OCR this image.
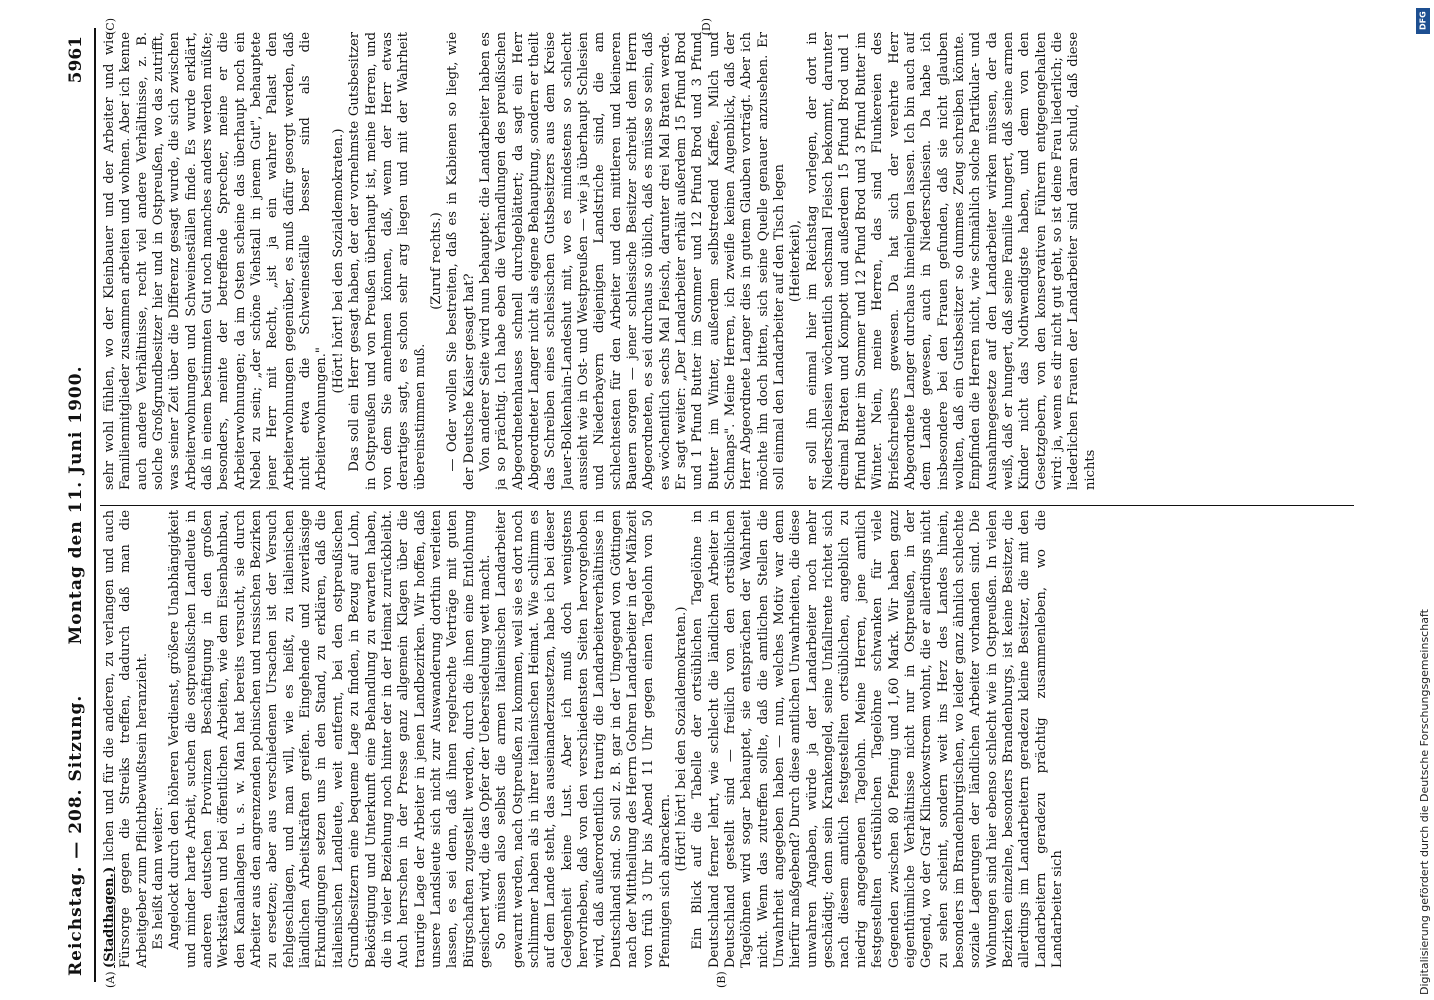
Reichstag. — 208. Sitzung.
Montag den 11. Juni 1900.
5961
(A)	(B)
(C)	(D)

(Stadthagen.) lichen und für die anderen, zu verlangen und auch Fürsorge gegen die Streiks treffen, dadurch daß man die Arbeitgeber zum Pflichtbewußtsein heranzieht. Es heißt dann weiter: Angelockt durch den höheren Verdienst, größere Unabhängigkeit und minder harte Arbeit, suchen die ostpreußischen Landleute in anderen deutschen Provinzen Beschäftigung in den großen Werkstätten und bei öffentlichen Arbeiten, wie dem Eisenbahnbau, den Kanalanlagen u. s. w. Man hat bereits versucht, sie durch Arbeiter aus den angrenzenden polnischen und russischen Bezirken zu ersetzen; aber aus verschiedenen Ursachen ist der Versuch fehlgeschlagen, und man will, wie es heißt, zu italienischen ländlichen Arbeitskräften greifen. Eingehende und zuverlässige Erkundigungen setzen uns in den Stand, zu erklären, daß die italienischen Landleute, weit entfernt, bei den ostpreußischen Grundbesitzern eine bequeme Lage zu finden, in Bezug auf Lohn, Beköstigung und Unterkunft eine Behandlung zu erwarten haben, die in vieler Beziehung noch hinter der in der Heimat zurückbleibt. Auch herrschen in der Presse ganz allgemein Klagen über die traurige Lage der Arbeiter in jenen Landbezirken. Wir hoffen, daß unsere Landsleute sich nicht zur Auswanderung dorthin verleiten lassen, es sei denn, daß ihnen regelrechte Verträge mit guten Bürgschaften zugestellt werden, durch die ihnen eine Entlohnung gesichert wird, die das Opfer der Uebersiedelung wett macht. So müssen also selbst die armen italienischen Landarbeiter gewarnt werden, nach Ostpreußen zu kommen, weil sie es dort noch schlimmer haben als in ihrer italienischen Heimat. Wie schlimm es auf dem Lande steht, das auseinanderzusetzen, habe ich bei dieser Gelegenheit keine Lust. Aber ich muß doch wenigstens hervorheben, daß von den verschiedensten Seiten hervorgehoben wird, daß außerordentlich traurig die Landarbeiterverhältnisse in Deutschland sind. So soll z. B. gar in der Umgegend von Göttingen nach der Mittheilung des Herrn Gohren Landarbeiter in der Mähzeit von früh 3 Uhr bis Abend 11 Uhr gegen einen Tagelohn von 50 Pfennigen sich abrackern.

(Hört! hört! bei den Sozialdemokraten.) Ein Blick auf die Tabelle der ortsüblichen Tagelöhne in Deutschland ferner lehrt, wie schlecht die ländlichen Arbeiter in Deutschland gestellt sind — freilich von den ortsüblichen Tagelöhnen wird sogar behauptet, sie entsprächen der Wahrheit nicht. Wenn das zutreffen sollte, daß die amtlichen Stellen die Unwahrheit angegeben haben — nun, welches Motiv war denn hierfür maßgebend? Durch diese amtlichen Unwahrheiten, die diese unwahren Angaben, würde ja der Landarbeiter noch mehr geschädigt; denn sein Krankengeld, seine Unfallrente richtet sich nach diesem amtlich festgestellten ortsüblichen, angeblich zu niedrig angegebenen Tagelohn. Meine Herren, jene amtlich festgestellten ortsüblichen Tagelöhne schwanken für viele Gegenden zwischen 80 Pfennig und 1,60 Mark. Wir haben ganz eigenthümliche Verhältnisse nicht nur in Ostpreußen, in der Gegend, wo der Graf Klinckowstroem wohnt, die er allerdings nicht zu sehen scheint, sondern weit ins Herz des Landes hinein, besonders im Brandenburgischen, wo leider ganz ähnlich schlechte soziale Lagerungen der ländlichen Arbeiter vorhanden sind. Die Wohnungen sind hier ebenso schlecht wie in Ostpreußen. In vielen Bezirken einzelne, besonders Brandenburgs, ist keine Besitzer, die allerdings im Landarbeitern geradezu kleine Besitzer, die mit den Landarbeitern geradezu prächtig zusammenleben, wo die Landarbeiter sich

sehr wohl fühlen, wo der Kleinbauer und der Arbeiter und wie Familienmitglieder zusammen arbeiten und wohnen. Aber ich kenne auch andere Verhältnisse, recht viel andere Verhältnisse, z. B. solche Großgrundbesitzer hier und in Ostpreußen, wo das zutrifft, was seiner Zeit über die Differenz gesagt wurde, die sich zwischen Arbeiterwohnungen und Schweineställen finde. Es wurde erklärt, daß in einem bestimmten Gut noch manches anders werden müßte; besonders, meinte der betreffende Sprecher, meine er die Arbeiterwohnungen; da im Osten scheine das überhaupt noch ein Nebel zu sein; „der schöne Viehstall in jenem Gut", behauptete jener Herr mit Recht, „ist ja ein wahrer Palast den Arbeiterwohnungen gegenüber, es muß dafür gesorgt werden, daß nicht etwa die Schweineställe besser sind als die Arbeiterwohnungen."

(Hört! hört! bei den Sozialdemokraten.) Das soll ein Herr gesagt haben, der der vornehmste Gutsbesitzer in Ostpreußen und von Preußen überhaupt ist, meine Herren, und von dem Sie annehmen können, daß, wenn der Herr etwas derartiges sagt, es schon sehr arg liegen und mit der Wahrheit übereinstimmen muß.

(Zuruf rechts.) — Oder wollen Sie bestreiten, daß es in Kabienen so liegt, wie der Deutsche Kaiser gesagt hat? Von anderer Seite wird nun behauptet: die Landarbeiter haben es ja so prächtig. Ich habe eben die Verhandlungen des preußischen Abgeordnetenhauses schnell durchgeblättert; da sagt ein Herr Abgeordneter Langer nicht als eigene Behauptung, sondern er theilt das Schreiben eines schlesischen Gutsbesitzers aus dem Kreise Jauer-Bolkenhain-Landeshut mit, wo es mindestens so schlecht aussieht wie in Ost- und Westpreußen — wie ja überhaupt Schlesien und Niederbayern diejenigen Landstriche sind, die am schlechtesten für den Arbeiter und den mittleren und kleineren Bauern sorgen — jener schlesische Besitzer schreibt dem Herrn Abgeordneten, es sei durchaus so üblich, daß es müsse so sein, daß es wöchentlich sechs Mal Fleisch, darunter drei Mal Braten werde. Er sagt weiter: „Der Landarbeiter erhält außerdem 15 Pfund Brod und 1 Pfund Butter im Sommer und 12 Pfund Brod und 3 Pfund Butter im Winter, außerdem selbstredend Kaffee, Milch und Schnaps". Meine Herren, ich zweifle keinen Augenblick, daß der Herr Abgeordnete Langer dies in gutem Glauben vorträgt. Aber ich möchte ihn doch bitten, sich seine Quelle genauer anzusehen. Er soll einmal den Landarbeiter auf den Tisch legen (Heiterkeit), er soll ihn einmal hier im Reichstag vorlegen, der dort in Niederschlesien wöchentlich sechsmal Fleisch bekommt, darunter dreimal Braten und Kompott und außerdem 15 Pfund Brod und 1 Pfund Butter im Sommer und 12 Pfund Brod und 3 Pfund Butter im Winter. Nein, meine Herren, das sind Flunkereien des Briefschreibers gewesen. Da hat sich der verehrte Herr Abgeordnete Langer durchaus hineinlegen lassen. Ich bin auch auf dem Lande gewesen, auch in Niederschlesien. Da habe ich insbesondere bei den Frauen gefunden, daß sie nicht glauben wollten, daß ein Gutsbesitzer so dummes Zeug schreiben könnte. Empfinden die Herren nicht, wie schmählich solche Partikular- und Ausnahmegesetze auf den Landarbeiter wirken müssen, der da weiß, daß er hungert, daß seine Familie hungert, daß seine armen Kinder nicht das Nothwendigste haben, und dem von den Gesetzgebern, von den konservativen Führern entgegengehalten wird: ja, wenn es dir nicht gut geht, so ist deine Frau liederlich; die liederlichen Frauen der Landarbeiter sind daran schuld, daß diese nichts

DFG
Digitalisierung gefördert durch die Deutsche Forschungsgemeinschaft
